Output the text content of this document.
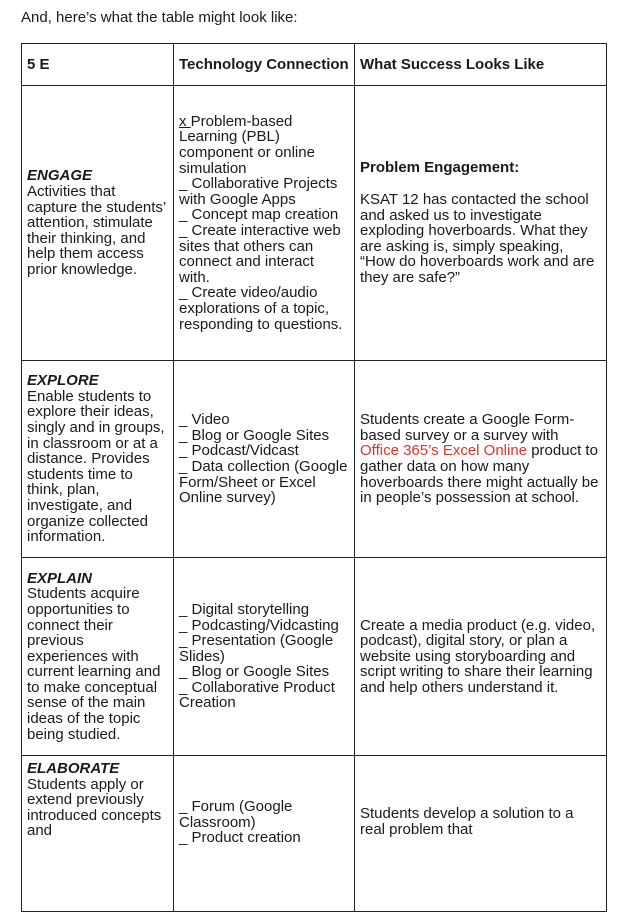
And, here’s what the table might look like:
5 E	Technology Connection	What Success Looks Like

ENGAGE
Activities that capture the students’ attention, stimulate their thinking, and help them access prior knowledge.	x Problem-based Learning (PBL) component or online simulation
_ Collaborative Projects with Google Apps
_ Concept map creation
_ Create interactive web sites that others can connect and interact with.
_ Create video/audio explorations of a topic, responding to questions.	Problem Engagement:
KSAT 12 has contacted the school and asked us to investigate exploding hoverboards. What they are asking is, simply speaking, “How do hoverboards work and are they are safe?”

EXPLORE
Enable students to explore their ideas, singly and in groups, in classroom or at a distance. Provides students time to think, plan, investigate, and organize collected information.	_ Video
_ Blog or Google Sites
_ Podcast/Vidcast
_ Data collection (Google Form/Sheet or Excel Online survey)	Students create a Google Form-based survey or a survey with Office 365’s Excel Online product to gather data on how many hoverboards there might actually be in people’s possession at school.

EXPLAIN
Students acquire opportunities to connect their previous experiences with current learning and to make conceptual sense of the main ideas of the topic being studied.	_ Digital storytelling
_ Podcasting/Vidcasting
_ Presentation (Google Slides)
_ Blog or Google Sites
_ Collaborative Product Creation	Create a media product (e.g. video, podcast), digital story, or plan a website using storyboarding and script writing to share their learning and help others understand it.

ELABORATE
Students apply or extend previously introduced concepts and	_ Forum (Google Classroom)
_ Product creation	Students develop a solution to a real problem that
